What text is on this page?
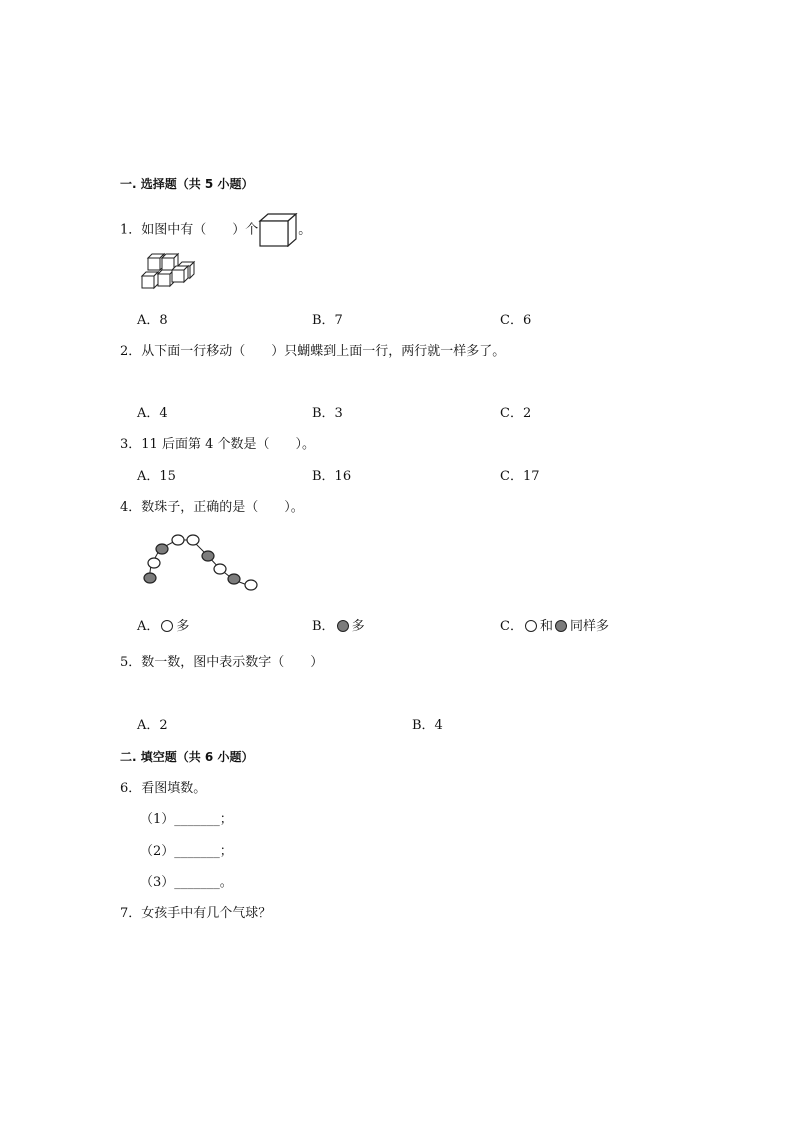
一. 选择题（共 5 小题）
1．如图中有（　　）个	。
A．8	B．7	C．6
2．从下面一行移动（　　）只蝴蝶到上面一行，两行就一样多了。
A．4	B．3	C．2
3．11 后面第 4 个数是（　　）。
A．15	B．16	C．17
4．数珠子，正确的是（　　）。
A． 多	B． 多	C． 和 同样多
5．数一数，图中表示数字（　　）
A．2	B．4
二. 填空题（共 6 小题）
6．看图填数。
（1）_______；
（2）_______；
（3）_______。
7．女孩手中有几个气球？
